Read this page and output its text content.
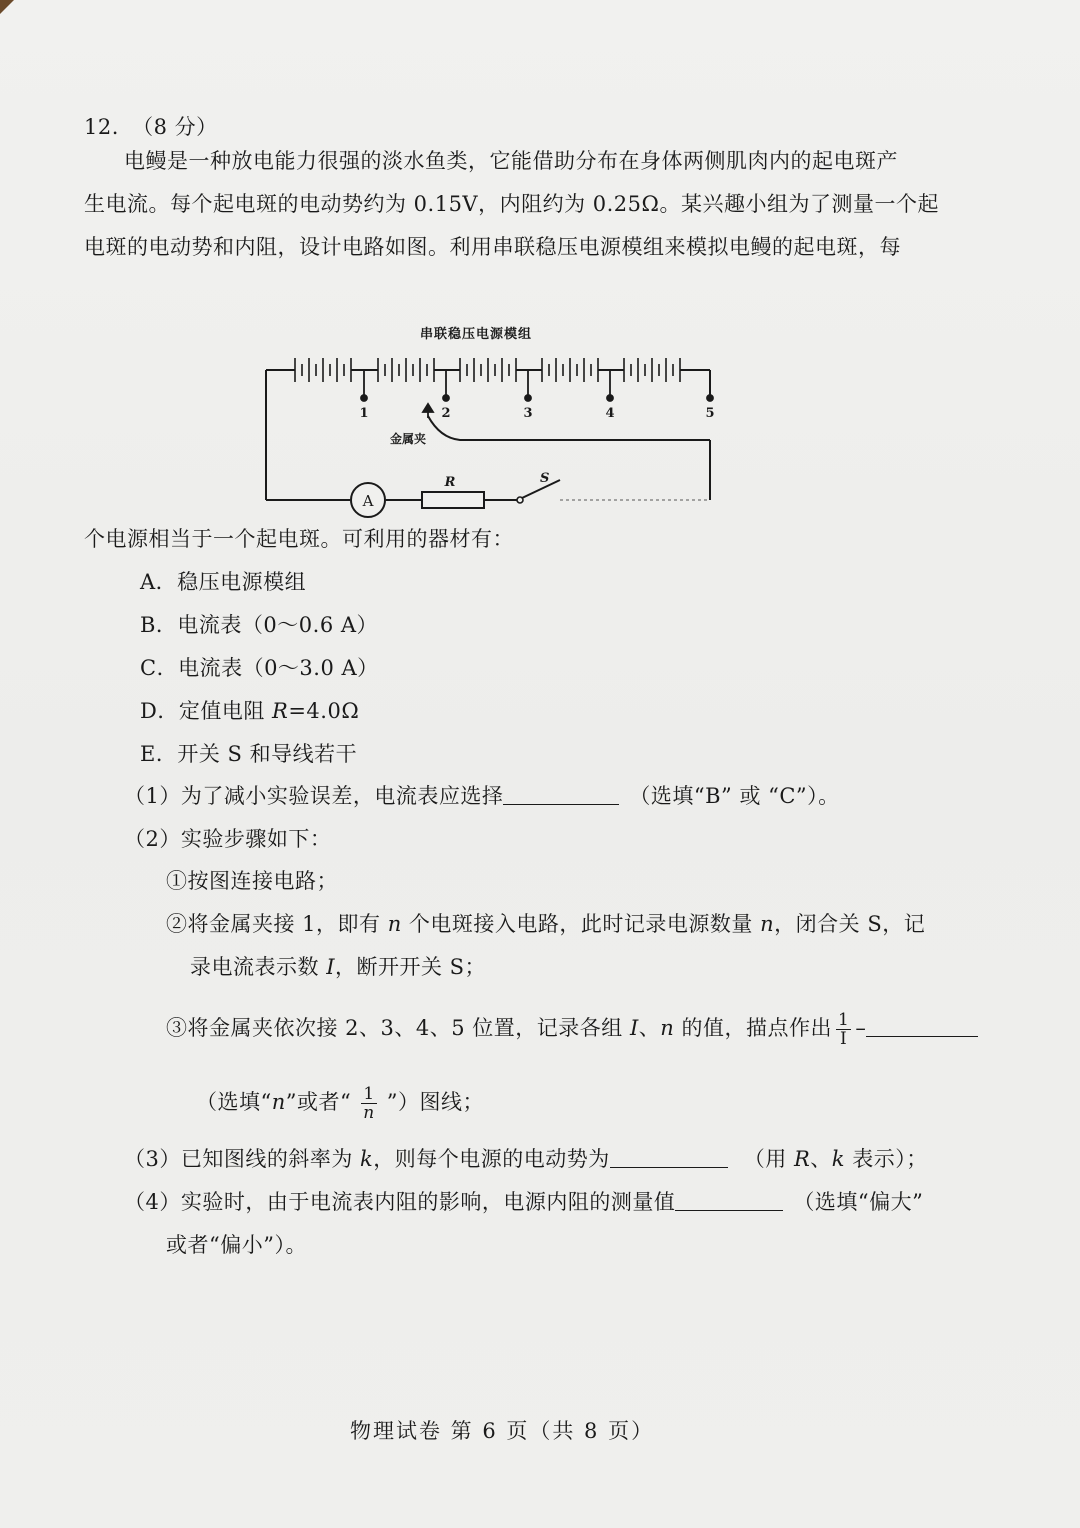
12. （8 分）
电鳗是一种放电能力很强的淡水鱼类，它能借助分布在身体两侧肌肉内的起电斑产
生电流。每个起电斑的电动势约为 0.15V，内阻约为 0.25Ω。某兴趣小组为了测量一个起
电斑的电动势和内阻，设计电路如图。利用串联稳压电源模组来模拟电鳗的起电斑，每
串联稳压电源模组
A
R	S
1	2	3	4	5
金属夹
个电源相当于一个起电斑。可利用的器材有：
A．稳压电源模组
B．电流表（0～0.6 A）
C．电流表（0～3.0 A）
D．定值电阻 R=4.0Ω
E．开关 S 和导线若干
（1）为了减小实验误差，电流表应选择	（选填“B” 或 “C”）。
（2）实验步骤如下：
①按图连接电路；
②将金属夹接 1，即有 n 个电斑接入电路，此时记录电源数量 n，闭合关 S，记
录电流表示数 I，断开开关 S；
③将金属夹依次接 2、3、4、5 位置，记录各组 I、n 的值，描点作出 $\frac{1}{I}$ –
（选填“n”或者“ $\frac{1}{n}$ ”）图线；
（3）已知图线的斜率为 k，则每个电源的电动势为	（用 R、k 表示）；
（4）实验时，由于电流表内阻的影响，电源内阻的测量值	（选填“偏大”
或者“偏小”）。
物理试卷 第 6 页（共 8 页）
